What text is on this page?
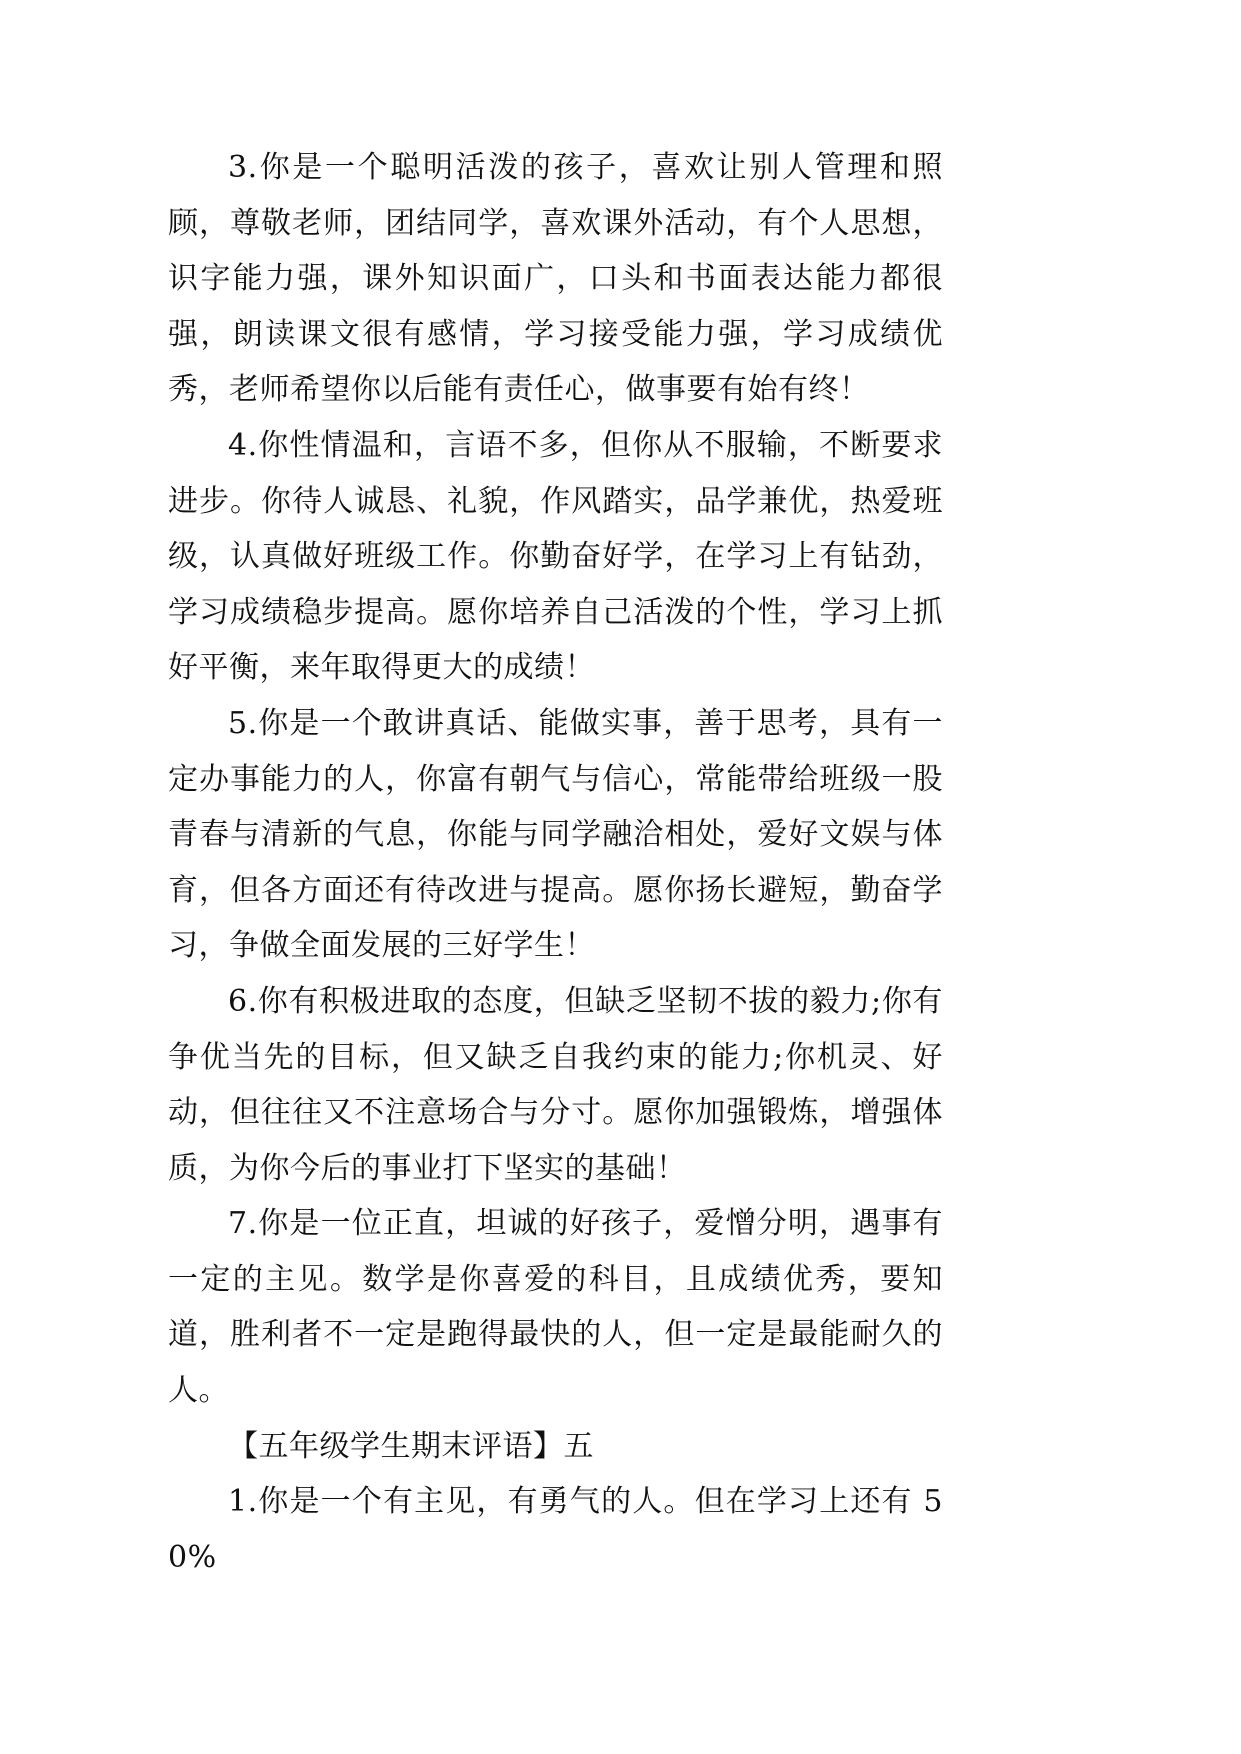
3.你是一个聪明活泼的孩子，喜欢让别人管理和照顾，尊敬老师，团结同学，喜欢课外活动，有个人思想，识字能力强，课外知识面广，口头和书面表达能力都很强，朗读课文很有感情，学习接受能力强，学习成绩优秀，老师希望你以后能有责任心，做事要有始有终！

4.你性情温和，言语不多，但你从不服输，不断要求进步。你待人诚恳、礼貌，作风踏实，品学兼优，热爱班级，认真做好班级工作。你勤奋好学，在学习上有钻劲，学习成绩稳步提高。愿你培养自己活泼的个性，学习上抓好平衡，来年取得更大的成绩！

5.你是一个敢讲真话、能做实事，善于思考，具有一定办事能力的人，你富有朝气与信心，常能带给班级一股青春与清新的气息，你能与同学融洽相处，爱好文娱与体育，但各方面还有待改进与提高。愿你扬长避短，勤奋学习，争做全面发展的三好学生！

6.你有积极进取的态度，但缺乏坚韧不拔的毅力;你有争优当先的目标，但又缺乏自我约束的能力;你机灵、好动，但往往又不注意场合与分寸。愿你加强锻炼，增强体质，为你今后的事业打下坚实的基础！

7.你是一位正直，坦诚的好孩子，爱憎分明，遇事有一定的主见。数学是你喜爱的科目，且成绩优秀，要知道，胜利者不一定是跑得最快的人，但一定是最能耐久的人。

【五年级学生期末评语】五

1.你是一个有主见，有勇气的人。但在学习上还有 50%
